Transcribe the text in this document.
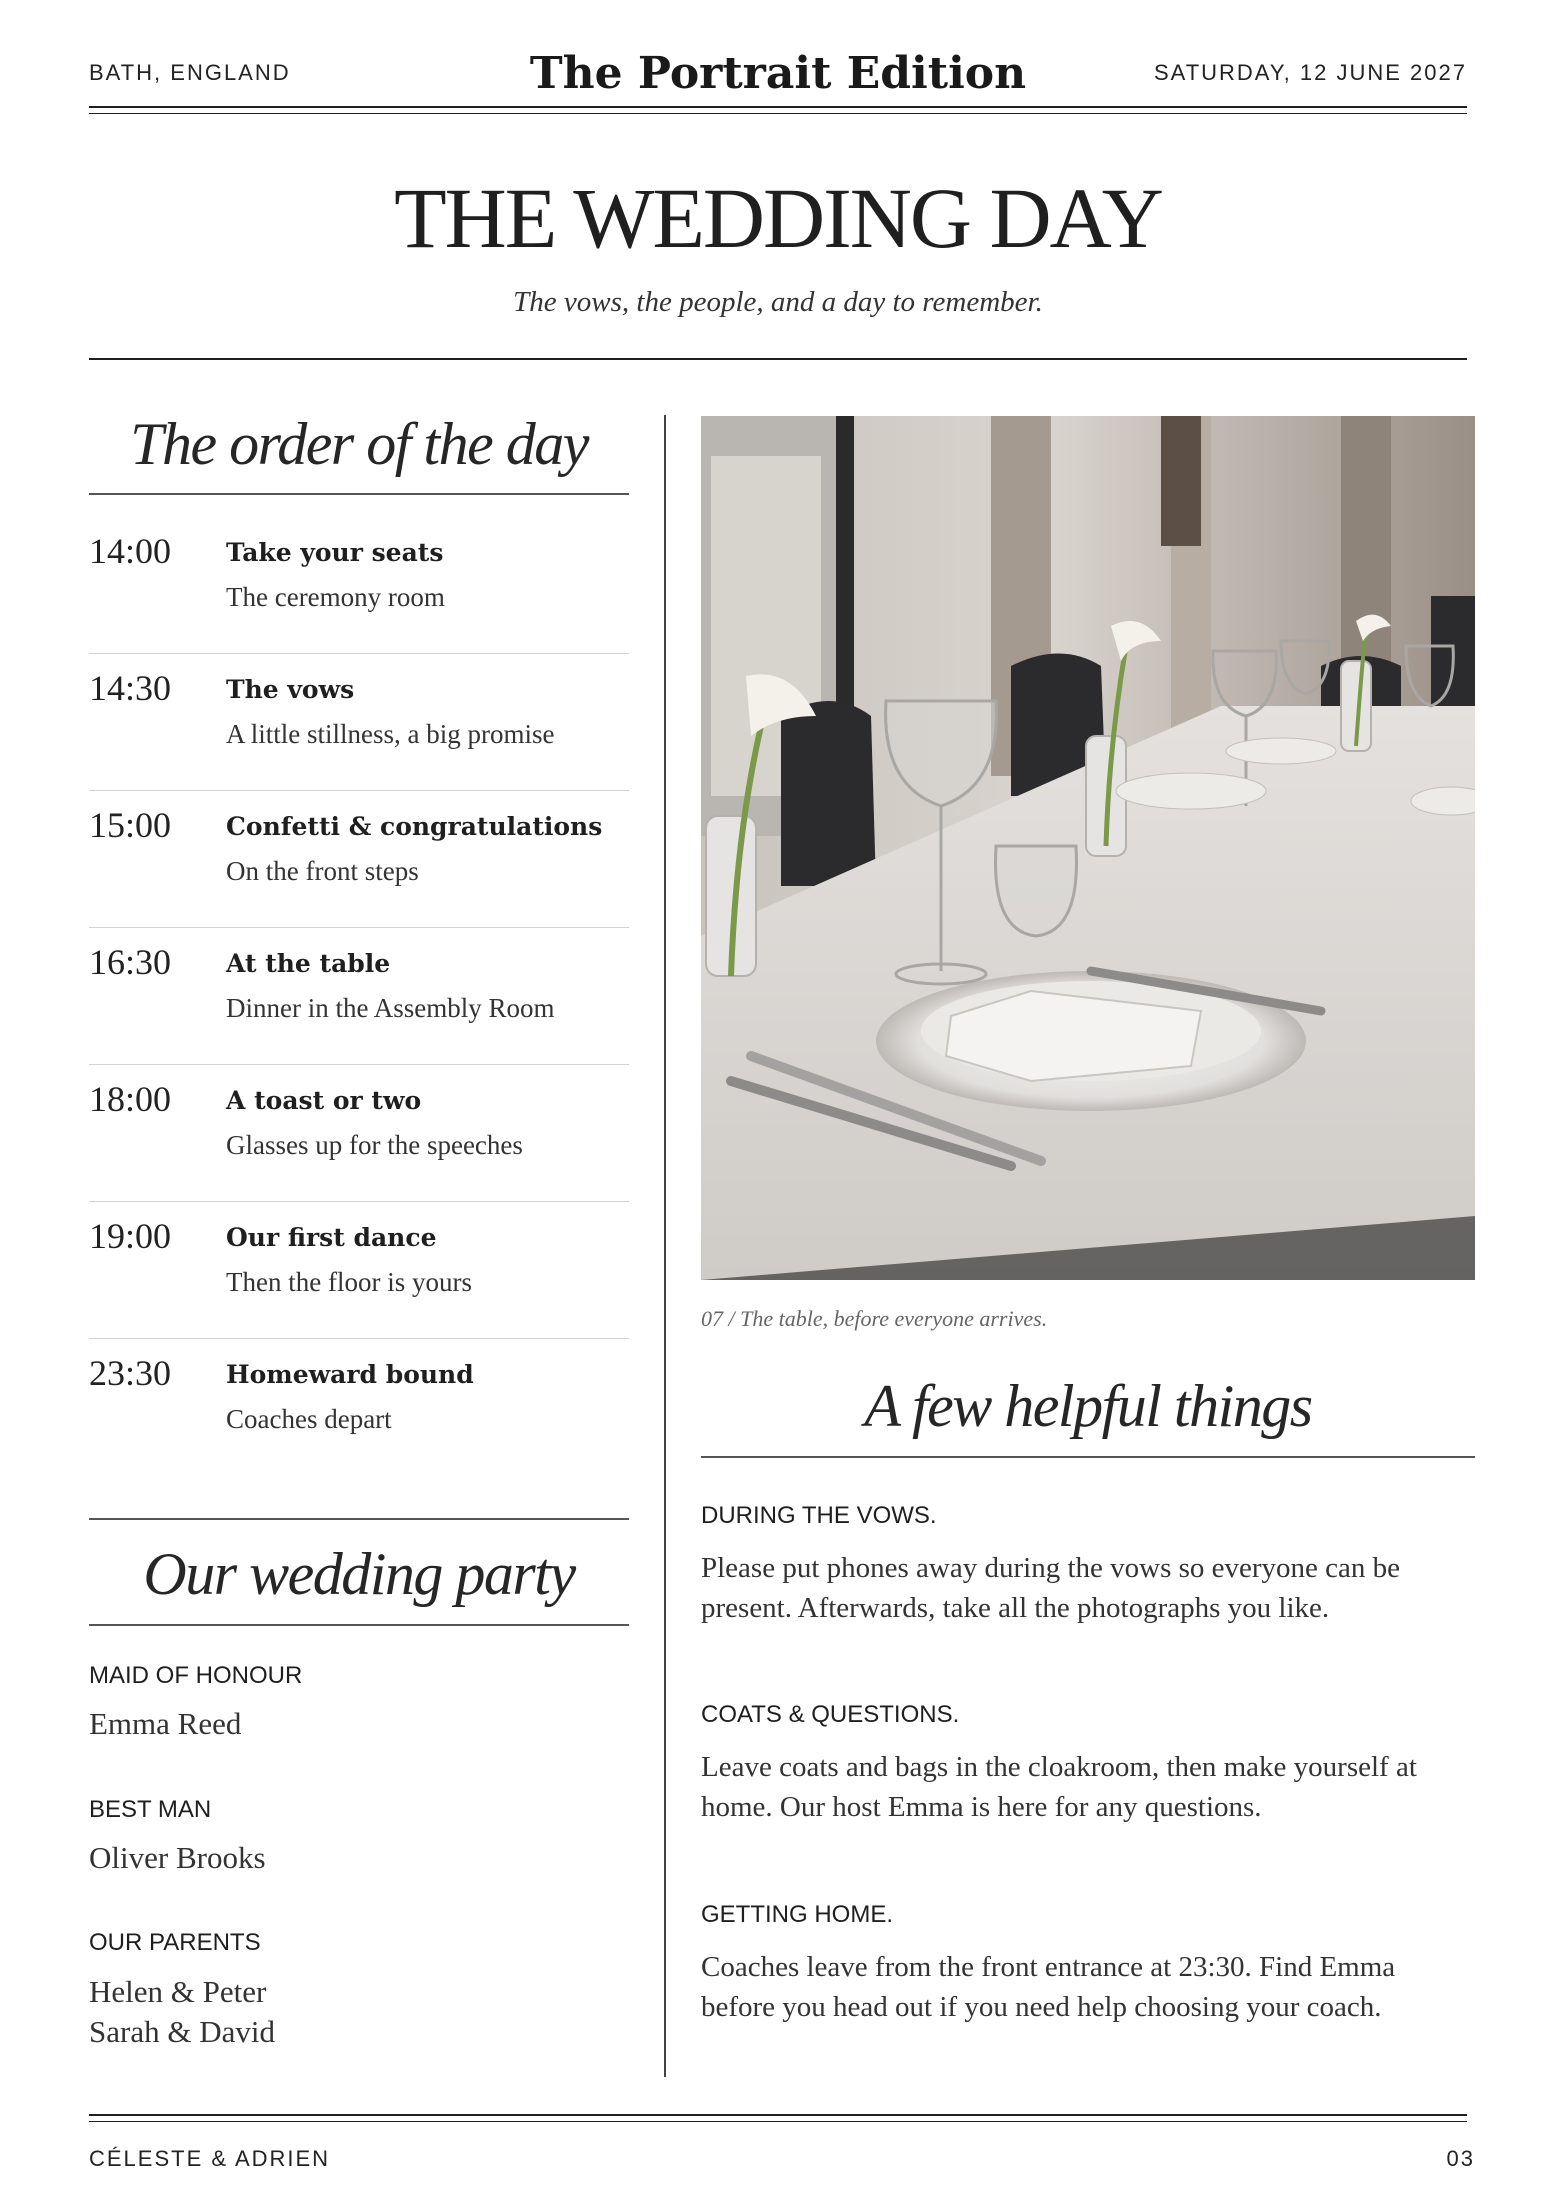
BATH, ENGLAND	The Portrait Edition	SATURDAY, 12 JUNE 2027
THE WEDDING DAY
The vows, the people, and a day to remember.
The order of the day
14:00 Take your seats
The ceremony room
14:30 The vows
A little stillness, a big promise
15:00 Confetti & congratulations
On the front steps
16:30 At the table
Dinner in the Assembly Room
18:00 A toast or two
Glasses up for the speeches
19:00 Our first dance
Then the floor is yours
23:30 Homeward bound
Coaches depart
Our wedding party
MAID OF HONOUR
Emma Reed
BEST MAN
Oliver Brooks
OUR PARENTS
Helen & Peter
Sarah & David
07 / The table, before everyone arrives.
A few helpful things
DURING THE VOWS.
Please put phones away during the vows so everyone can be
present. Afterwards, take all the photographs you like.
COATS & QUESTIONS.
Leave coats and bags in the cloakroom, then make yourself at
home. Our host Emma is here for any questions.
GETTING HOME.
Coaches leave from the front entrance at 23:30. Find Emma
before you head out if you need help choosing your coach.
CÉLESTE & ADRIEN	03
